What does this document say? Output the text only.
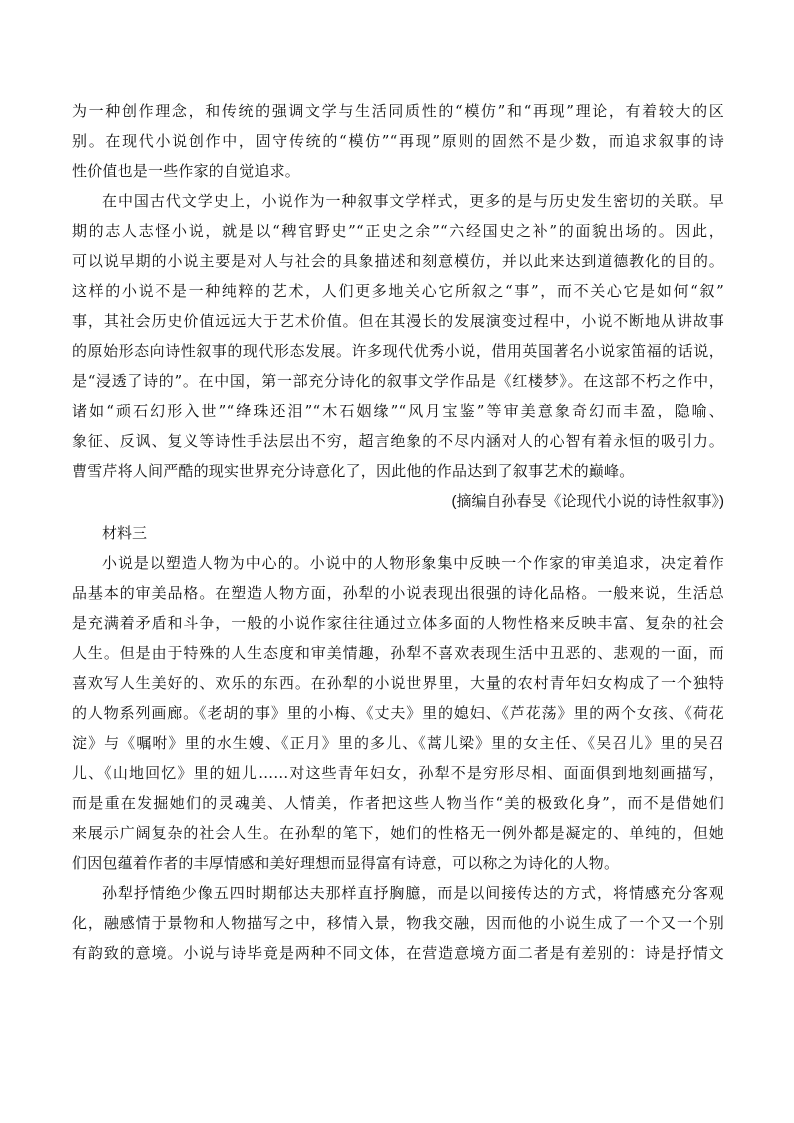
为一种创作理念，和传统的强调文学与生活同质性的“模仿”和“再现”理论，有着较大的区
别。在现代小说创作中，固守传统的“模仿”“再现”原则的固然不是少数，而追求叙事的诗
性价值也是一些作家的自觉追求。
在中国古代文学史上，小说作为一种叙事文学样式，更多的是与历史发生密切的关联。早
期的志人志怪小说，就是以“稗官野史”“正史之余”“六经国史之补”的面貌出场的。因此，
可以说早期的小说主要是对人与社会的具象描述和刻意模仿，并以此来达到道德教化的目的。
这样的小说不是一种纯粹的艺术，人们更多地关心它所叙之“事”，而不关心它是如何“叙”
事，其社会历史价值远远大于艺术价值。但在其漫长的发展演变过程中，小说不断地从讲故事
的原始形态向诗性叙事的现代形态发展。许多现代优秀小说，借用英国著名小说家笛福的话说，
是“浸透了诗的”。在中国，第一部充分诗化的叙事文学作品是《红楼梦》。在这部不朽之作中，
诸如“顽石幻形入世”“绛珠还泪”“木石姻缘”“风月宝鉴”等审美意象奇幻而丰盈，隐喻、
象征、反讽、复义等诗性手法层出不穷，超言绝象的不尽内涵对人的心智有着永恒的吸引力。
曹雪芹将人间严酷的现实世界充分诗意化了，因此他的作品达到了叙事艺术的巅峰。
(摘编自孙春旻《论现代小说的诗性叙事》)
材料三
小说是以塑造人物为中心的。小说中的人物形象集中反映一个作家的审美追求，决定着作
品基本的审美品格。在塑造人物方面，孙犁的小说表现出很强的诗化品格。一般来说，生活总
是充满着矛盾和斗争，一般的小说作家往往通过立体多面的人物性格来反映丰富、复杂的社会
人生。但是由于特殊的人生态度和审美情趣，孙犁不喜欢表现生活中丑恶的、悲观的一面，而
喜欢写人生美好的、欢乐的东西。在孙犁的小说世界里，大量的农村青年妇女构成了一个独特
的人物系列画廊。《老胡的事》里的小梅、《丈夫》里的媳妇、《芦花荡》里的两个女孩、《荷花
淀》与《嘱咐》里的水生嫂、《正月》里的多儿、《蒿儿梁》里的女主任、《吴召儿》里的吴召
儿、《山地回忆》里的妞儿……对这些青年妇女，孙犁不是穷形尽相、面面俱到地刻画描写，
而是重在发掘她们的灵魂美、人情美，作者把这些人物当作“美的极致化身”，而不是借她们
来展示广阔复杂的社会人生。在孙犁的笔下，她们的性格无一例外都是凝定的、单纯的，但她
们因包蕴着作者的丰厚情感和美好理想而显得富有诗意，可以称之为诗化的人物。
孙犁抒情绝少像五四时期郁达夫那样直抒胸臆，而是以间接传达的方式，将情感充分客观
化，融感情于景物和人物描写之中，移情入景，物我交融，因而他的小说生成了一个又一个别
有韵致的意境。小说与诗毕竟是两种不同文体，在营造意境方面二者是有差别的：诗是抒情文
